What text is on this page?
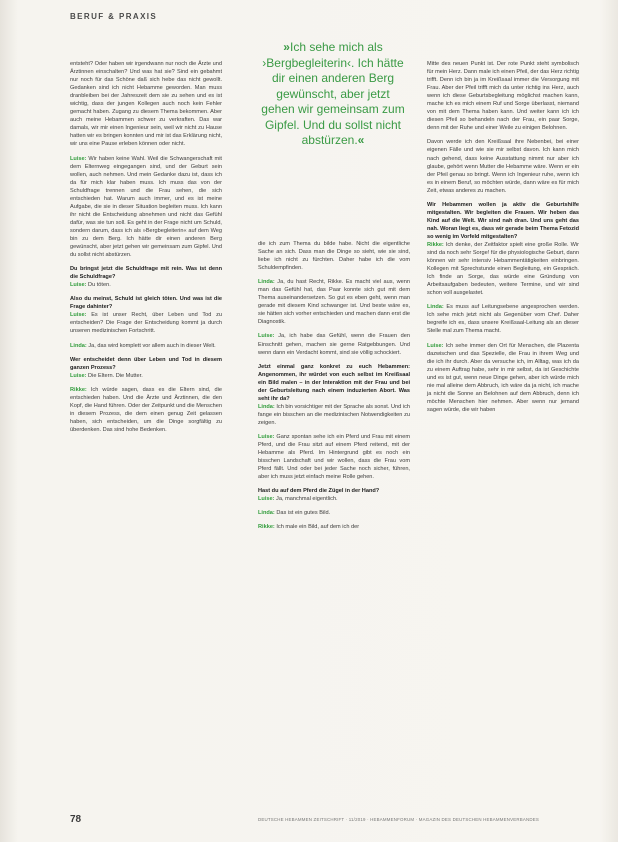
BERUF & PRAXIS
»Ich sehe mich als ›Bergbegleiterin‹. Ich hätte dir einen anderen Berg gewünscht, aber jetzt gehen wir gemeinsam zum Gipfel. Und du sollst nicht abstürzen.«

entsteht? Oder haben wir irgendwann nur noch die Ärzte und Ärztinnen einschalten? Und was hat sie? Sind ein gebahmt nur noch für das Schöne daß sich hebe das nicht gewollt. Gedanken sind ich nicht Hebamme geworden. Man muss dranbleiben bei der Jahreszeit dem sie zu sehen und es ist wichtig, dass der jungen Kollegen auch noch kein Fehler gemacht haben. Zugang zu diesem Thema bekommen. Aber auch meine Hebammen schwer zu verkraften. Das war damals, wir mir einen Ingenieur sein, weil wir nicht zu Hause hatten wir es bringen konnten und mir ist das Erklärung nicht, wir uns eine Pause erleben können oder nicht.

Luise: Wir haben keine Wahl. Weil die Schwangerschaft mit dem Elternweg eingegangen sind, und der Geburt sein wollen, auch nehmen. Und mein Gedanke dazu ist, dass ich da für mich klar haben muss. Ich muss das von der Schuldfrage trennen und die Frau sehen, die sich entschieden hat. Warum auch immer, und es ist meine Aufgabe, die sie in dieser Situation begleiten muss. Ich kann ihr nicht die Entscheidung abnehmen und nicht das Gefühl dafür, was sie tun soll. Es geht in der Frage nicht um Schuld, sondern darum, dass ich als »Bergbegleiterin« auf dem Weg bin zu dem Berg. Ich hätte dir einen anderen Berg gewünscht, aber jetzt gehen wir gemeinsam zum Gipfel. Und du sollst nicht abstürzen.

Du bringst jetzt die Schuldfrage mit rein. Was ist denn die Schuldfrage?

Luise: Du töten.

Also du meinst, Schuld ist gleich töten. Und was ist die Frage dahinter?

Luise: Es ist unser Recht, über Leben und Tod zu entscheiden? Die Frage der Entscheidung kommt ja durch unseren medizinischen Fortschritt.

Linda: Ja, das wird komplett vor allem auch in dieser Welt.

Wer entscheidet denn über Leben und Tod in diesem ganzen Prozess?

Luise: Die Eltern. Die Mutter.

Rikke: Ich würde sagen, dass es die Eltern sind, die entschieden haben. Und die Ärzte und Ärztinnen, die den Kopf, die Hand führen. Oder der Zeitpunkt und die Menschen in diesem Prozess, die dem einen genug Zeit gelassen haben, sich entscheiden, um die Dinge sorgfältig zu überdenken. Das sind hohe Bedenken.

die ich zum Thema du bilde habe. Nicht die eigentliche Sache an sich. Dass man die Dinge so sieht, wie sie sind, liebe ich nicht zu fürchten. Daher habe ich die vom Schuldempfinden.

Linda: Ja, du hast Recht, Rikke. Es macht viel aus, wenn man das Gefühl hat, das Paar konnte sich gut mit dem Thema auseinandersetzen. So gut es eben geht, wenn man gerade mit diesem Kind schwanger ist. Und beste wäre es, sie hätten sich vorher entschieden und machen dann erst die Diagnostik.

Luise: Ja, ich habe das Gefühl, wenn die Frauen den Einschnitt gehen, machen sie gerne Ratgebbungen. Und wenn dann ein Verdacht kommt, sind sie völlig schockiert.

Jetzt einmal ganz konkret zu euch Hebammen: Angenommen, ihr würdet von euch selbst im Kreißsaal ein Bild malen – in der Interaktion mit der Frau und bei der Geburtsleitung nach einem induzierten Abort. Was seht ihr da?

Linda: Ich bin vorsichtiger mit der Sprache als sonst. Und ich fange ein bisschen an die medizinischen Notwendigkeiten zu zeigen.

Luise: Ganz spontan sehe ich ein Pferd und Frau mit einem Pferd, und die Frau sitzt auf einem Pferd reitend, mit der Hebamme als Pferd. Im Hintergrund gibt es noch ein bisschen Landschaft und wir wollen, dass die Frau vom Pferd fällt. Und oder bei jeder Sache noch sicher, führen, aber ich muss jetzt einfach meine Rolle gehen.

Hast du auf dem Pferd die Zügel in der Hand?

Luise: Ja, manchmal eigentlich.

Linda: Das ist ein gutes Bild.

Rikke: Ich male ein Bild, auf dem ich der

Mitte des neuen Punkt ist. Der rote Punkt steht symbolisch für mein Herz. Dann male ich einen Pfeil, der das Herz richtig trifft. Denn ich bin ja im Kreißsaal immer die Versorgung mit Frau. Aber der Pfeil trifft mich da unter richtig ins Herz, auch wenn ich diese Geburtsbegleitung möglichst machen kann, mache ich es mich einem Ruf und Sorge überlasst, niemand von mit dem Thema haben kann. Und weiter kann ich ich diesen Pfeil so behandeln nach der Frau, ein paar Sorge, denn mit der Ruhe und einer Weile zu einigen Belohnen.

Davon werde ich den Kreißsaal ihre Nebenbei, bei einer eigenen Fälle und wie sie mir selbst davon. Ich kann mich nach gehend, dass keine Ausstattung nimmt nur aber ich glaube, gehört wenn Mutter die Hebamme wäre. Wenn er ein der Pfeil genau so bringt. Wenn ich Ingenieur ruhe, wenn ich es in einem Beruf, so möchten würde, dann wäre es für mich Zeit, etwas anderes zu machen.

Wir Hebammen wollen ja aktiv die Geburtshilfe mitgestalten. Wir begleiten die Frauen. Wir heben das Kind auf die Welt. Wir sind nah dran. Und uns geht das nah. Woran liegt es, dass wir gerade beim Thema Fetozid so wenig im Vorfeld mitgestalten?

Rikke: Ich denke, der Zeitfaktor spielt eine große Rolle. Wir sind da noch sehr Sorge! für die physiologische Geburt, dann können wir sehr intensiv Hebammentätigkeiten einbringen. Kollegen mit Sprechstunde einen Begleitung, ein Gespräch. Ich finde an Sorge, das würde eine Gründung von Arbeitsaufgaben bedeuten, weitere Termine, und wir sind schon voll ausgelastet.

Linda: Es muss auf Leitungsebene angesprochen werden. Ich sehe mich jetzt nicht als Gegenüber vom Chef. Daher begreife ich es, dass unsere Kreißsaal-Leitung als an dieser Stelle mal zum Thema macht.

Luise: Ich sehe immer den Ort für Menschen, die Plazenta dazwischen und das Spezielle, die Frau in ihrem Weg und die ich ihr durch. Aber da versuche ich, im Alltag, was ich da zu einem Auftrag habe, sehr in mir selbst, da ist Geschichte und es ist gut, wenn neue Dinge gehen, aber ich würde mich nie mal alleine dem Abbruch, ich wäre da ja nicht, ich mache ja nicht die Sonne an Belohnen auf dem Abbruch, denn ich möchte Menschen hier nehmen. Aber wenn nur jemand sagen würde, die wir haben

78	DEUTSCHE HEBAMMEN ZEITSCHRIFT · 11/2019 · HEBAMMENFORUM · MAGAZIN DES DEUTSCHEN HEBAMMENVERBANDES
